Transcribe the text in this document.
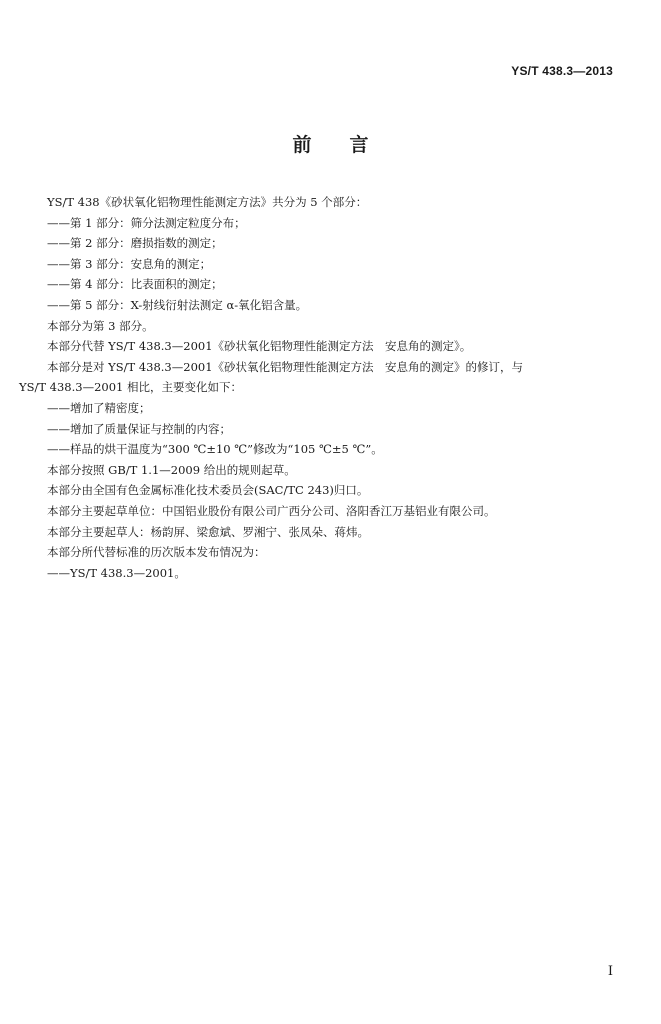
YS/T 438.3—2013
前 言
YS/T 438《砂状氧化铝物理性能测定方法》共分为 5 个部分：
——第 1 部分：筛分法测定粒度分布；
——第 2 部分：磨损指数的测定；
——第 3 部分：安息角的测定；
——第 4 部分：比表面积的测定；
——第 5 部分：X-射线衍射法测定 α-氧化铝含量。
本部分为第 3 部分。
本部分代替 YS/T 438.3—2001《砂状氧化铝物理性能测定方法　安息角的测定》。
本部分是对 YS/T 438.3—2001《砂状氧化铝物理性能测定方法　安息角的测定》的修订，与
YS/T 438.3—2001 相比，主要变化如下：
——增加了精密度；
——增加了质量保证与控制的内容；
——样品的烘干温度为“300 ℃±10 ℃”修改为“105 ℃±5 ℃”。
本部分按照 GB/T 1.1—2009 给出的规则起草。
本部分由全国有色金属标准化技术委员会(SAC/TC 243)归口。
本部分主要起草单位：中国铝业股份有限公司广西分公司、洛阳香江万基铝业有限公司。
本部分主要起草人：杨韵屏、梁愈斌、罗湘宁、张凤朵、蒋炜。
本部分所代替标准的历次版本发布情况为：
——YS/T 438.3—2001。
I
